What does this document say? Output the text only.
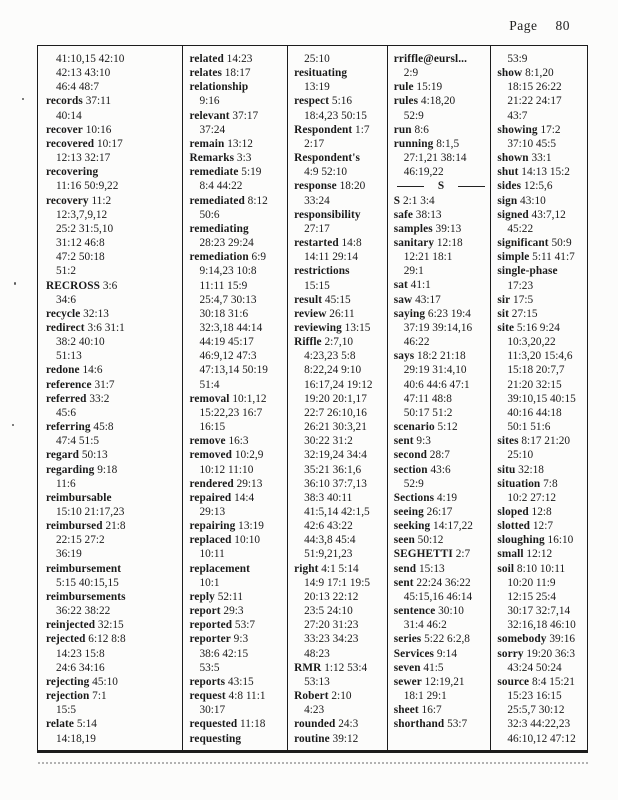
Page 80
41:10,15 42:10
42:13 43:10
46:4 48:7
records 37:11
40:14
recover 10:16
recovered 10:17
12:13 32:17
recovering
11:16 50:9,22
recovery 11:2
12:3,7,9,12
25:2 31:5,10
31:12 46:8
47:2 50:18
51:2
RECROSS 3:6
34:6
recycle 32:13
redirect 3:6 31:1
38:2 40:10
51:13
redone 14:6
reference 31:7
referred 33:2
45:6
referring 45:8
47:4 51:5
regard 50:13
regarding 9:18
11:6
reimbursable
15:10 21:17,23
reimbursed 21:8
22:15 27:2
36:19
reimbursement
5:15 40:15,15
reimbursements
36:22 38:22
reinjected 32:15
rejected 6:12 8:8
14:23 15:8
24:6 34:16
rejecting 45:10
rejection 7:1
15:5
relate 5:14
14:18,19
related 14:23
relates 18:17
relationship
9:16
relevant 37:17
37:24
remain 13:12
Remarks 3:3
remediate 5:19
8:4 44:22
remediated 8:12
50:6
remediating
28:23 29:24
remediation 6:9
9:14,23 10:8
11:11 15:9
25:4,7 30:13
30:18 31:6
32:3,18 44:14
44:19 45:17
46:9,12 47:3
47:13,14 50:19
51:4
removal 10:1,12
15:22,23 16:7
16:15
remove 16:3
removed 10:2,9
10:12 11:10
rendered 29:13
repaired 14:4
29:13
repairing 13:19
replaced 10:10
10:11
replacement
10:1
reply 52:11
report 29:3
reported 53:7
reporter 9:3
38:6 42:15
53:5
reports 43:15
request 4:8 11:1
30:17
requested 11:18
requesting
25:10
resituating
13:19
respect 5:16
18:4,23 50:15
Respondent 1:7
2:17
Respondent's
4:9 52:10
response 18:20
33:24
responsibility
27:17
restarted 14:8
14:11 29:14
restrictions
15:15
result 45:15
review 26:11
reviewing 13:15
Riffle 2:7,10
4:23,23 5:8
8:22,24 9:10
16:17,24 19:12
19:20 20:1,17
22:7 26:10,16
26:21 30:3,21
30:22 31:2
32:19,24 34:4
35:21 36:1,6
36:10 37:7,13
38:3 40:11
41:5,14 42:1,5
42:6 43:22
44:3,8 45:4
51:9,21,23
right 4:1 5:14
14:9 17:1 19:5
20:13 22:12
23:5 24:10
27:20 31:23
33:23 34:23
48:23
RMR 1:12 53:4
53:13
Robert 2:10
4:23
rounded 24:3
routine 39:12
rriffle@eursl...
2:9
rule 15:19
rules 4:18,20
52:9
run 8:6
running 8:1,5
27:1,21 38:14
46:19,22
S
S 2:1 3:4
safe 38:13
samples 39:13
sanitary 12:18
12:21 18:1
29:1
sat 41:1
saw 43:17
saying 6:23 19:4
37:19 39:14,16
46:22
says 18:2 21:18
29:19 31:4,10
40:6 44:6 47:1
47:11 48:8
50:17 51:2
scenario 5:12
sent 9:3
second 28:7
section 43:6
52:9
Sections 4:19
seeing 26:17
seeking 14:17,22
seen 50:12
SEGHETTI 2:7
send 15:13
sent 22:24 36:22
45:15,16 46:14
sentence 30:10
31:4 46:2
series 5:22 6:2,8
Services 9:14
seven 41:5
sewer 12:19,21
18:1 29:1
sheet 16:7
shorthand 53:7
53:9
show 8:1,20
18:15 26:22
21:22 24:17
43:7
showing 17:2
37:10 45:5
shown 33:1
shut 14:13 15:2
sides 12:5,6
sign 43:10
signed 43:7,12
45:22
significant 50:9
simple 5:11 41:7
single-phase
17:23
sir 17:5
sit 27:15
site 5:16 9:24
10:3,20,22
11:3,20 15:4,6
15:18 20:7,7
21:20 32:15
39:10,15 40:15
40:16 44:18
50:1 51:6
sites 8:17 21:20
25:10
situ 32:18
situation 7:8
10:2 27:12
sloped 12:8
slotted 12:7
sloughing 16:10
small 12:12
soil 8:10 10:11
10:20 11:9
12:15 25:4
30:17 32:7,14
32:16,18 46:10
somebody 39:16
sorry 19:20 36:3
43:24 50:24
source 8:4 15:21
15:23 16:15
25:5,7 30:12
32:3 44:22,23
46:10,12 47:12
